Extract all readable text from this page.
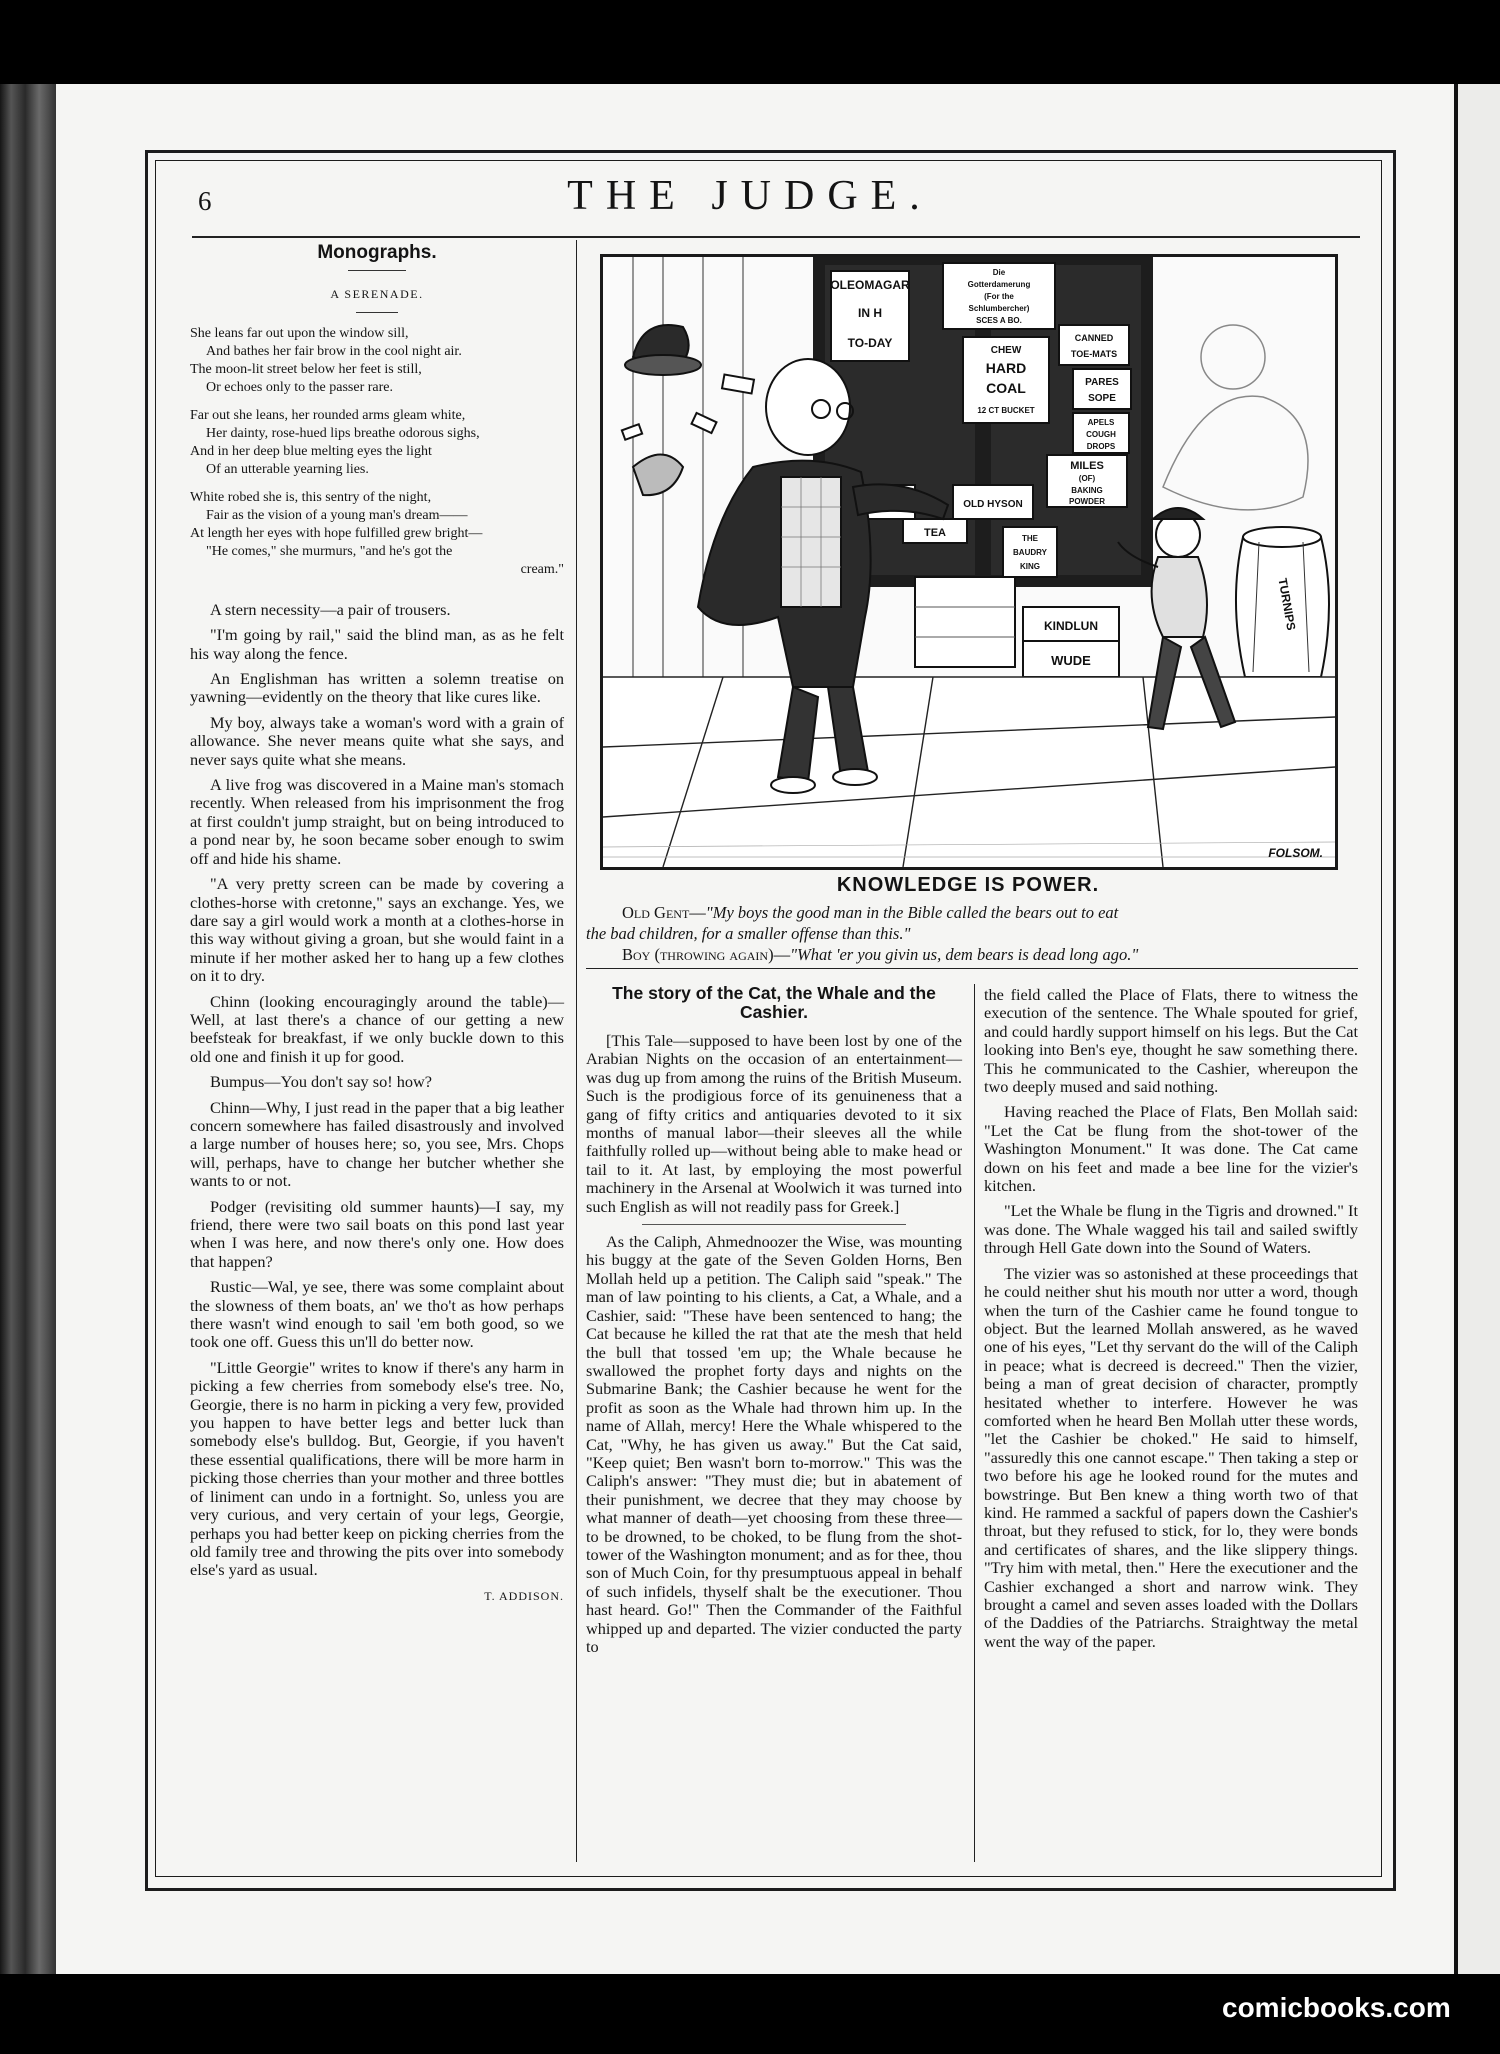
6	THE JUDGE.
Monographs.
A SERENADE.
She leans far out upon the window sill,
And bathes her fair brow in the cool night air.
The moon-lit street below her feet is still,
Or echoes only to the passer rare.
Far out she leans, her rounded arms gleam white,
Her dainty, rose-hued lips breathe odorous sighs,
And in her deep blue melting eyes the light
Of an utterable yearning lies.
White robed she is, this sentry of the night,
Fair as the vision of a young man's dream——
At length her eyes with hope fulfilled grew bright—
"He comes," she murmurs, "and he's got the
cream."

A stern necessity—a pair of trousers.

"I'm going by rail," said the blind man, as as he felt his way along the fence.

An Englishman has written a solemn treatise on yawning—evidently on the theory that like cures like.

My boy, always take a woman's word with a grain of allowance. She never means quite what she says, and never says quite what she means.

A live frog was discovered in a Maine man's stomach recently. When released from his imprisonment the frog at first couldn't jump straight, but on being introduced to a pond near by, he soon became sober enough to swim off and hide his shame.

"A very pretty screen can be made by covering a clothes-horse with cretonne," says an exchange. Yes, we dare say a girl would work a month at a clothes-horse in this way without giving a groan, but she would faint in a minute if her mother asked her to hang up a few clothes on it to dry.

Chinn (looking encouragingly around the table)—Well, at last there's a chance of our getting a new beefsteak for breakfast, if we only buckle down to this old one and finish it up for good.

Bumpus—You don't say so! how?

Chinn—Why, I just read in the paper that a big leather concern somewhere has failed disastrously and involved a large number of houses here; so, you see, Mrs. Chops will, perhaps, have to change her butcher whether she wants to or not.

Podger (revisiting old summer haunts)—I say, my friend, there were two sail boats on this pond last year when I was here, and now there's only one. How does that happen?

Rustic—Wal, ye see, there was some complaint about the slowness of them boats, an' we tho't as how perhaps there wasn't wind enough to sail 'em both good, so we took one off. Guess this un'll do better now.

"Little Georgie" writes to know if there's any harm in picking a few cherries from somebody else's tree. No, Georgie, there is no harm in picking a very few, provided you happen to have better legs and better luck than somebody else's bulldog. But, Georgie, if you haven't these essential qualifications, there will be more harm in picking those cherries than your mother and three bottles of liniment can undo in a fortnight. So, unless you are very curious, and very certain of your legs, Georgie, perhaps you had better keep on picking cherries from the old family tree and throwing the pits over into somebody else's yard as usual.

T. ADDISON.
OLEOMAGAR
IN H
TO-DAY
Die
Gotterdamerung
(For the
Schlumbercher)
SCES A BO.
CHEW
HARD
COAL
12 CT BUCKET
CANNED
TOE-MATS
PARES
SOPE
APELS
COUGH
DROPS
MILES
(OF)
BAKING
POWDER
OLD HYSON
TEA	THE
BAUDRY
KING
KINDLUN
WUDE
TURNIPS
FOLSOM.
KNOWLEDGE IS POWER.
Old Gent—"My boys the good man in the Bible called the bears out to eat
the bad children, for a smaller offense than this."
Boy (throwing again)—"What 'er you givin us, dem bears is dead long ago."
The story of the Cat, the Whale and the Cashier.

[This Tale—supposed to have been lost by one of the Arabian Nights on the occasion of an entertainment—was dug up from among the ruins of the British Museum. Such is the prodigious force of its genuineness that a gang of fifty critics and antiquaries devoted to it six months of manual labor—their sleeves all the while faithfully rolled up—without being able to make head or tail to it. At last, by employing the most powerful machinery in the Arsenal at Woolwich it was turned into such English as will not readily pass for Greek.]

As the Caliph, Ahmednoozer the Wise, was mounting his buggy at the gate of the Seven Golden Horns, Ben Mollah held up a petition. The Caliph said "speak." The man of law pointing to his clients, a Cat, a Whale, and a Cashier, said: "These have been sentenced to hang; the Cat because he killed the rat that ate the mesh that held the bull that tossed 'em up; the Whale because he swallowed the prophet forty days and nights on the Submarine Bank; the Cashier because he went for the profit as soon as the Whale had thrown him up. In the name of Allah, mercy! Here the Whale whispered to the Cat, "Why, he has given us away." But the Cat said, "Keep quiet; Ben wasn't born to-morrow." This was the Caliph's answer: "They must die; but in abatement of their punishment, we decree that they may choose by what manner of death—yet choosing from these three—to be drowned, to be choked, to be flung from the shot-tower of the Washington monument; and as for thee, thou son of Much Coin, for thy presumptuous appeal in behalf of such infidels, thyself shalt be the executioner. Thou hast heard. Go!" Then the Commander of the Faithful whipped up and departed. The vizier conducted the party to

the field called the Place of Flats, there to witness the execution of the sentence. The Whale spouted for grief, and could hardly support himself on his legs. But the Cat looking into Ben's eye, thought he saw something there. This he communicated to the Cashier, whereupon the two deeply mused and said nothing.

Having reached the Place of Flats, Ben Mollah said: "Let the Cat be flung from the shot-tower of the Washington Monument." It was done. The Cat came down on his feet and made a bee line for the vizier's kitchen.

"Let the Whale be flung in the Tigris and drowned." It was done. The Whale wagged his tail and sailed swiftly through Hell Gate down into the Sound of Waters.

The vizier was so astonished at these proceedings that he could neither shut his mouth nor utter a word, though when the turn of the Cashier came he found tongue to object. But the learned Mollah answered, as he waved one of his eyes, "Let thy servant do the will of the Caliph in peace; what is decreed is decreed." Then the vizier, being a man of great decision of character, promptly hesitated whether to interfere. However he was comforted when he heard Ben Mollah utter these words, "let the Cashier be choked." He said to himself, "assuredly this one cannot escape." Then taking a step or two before his age he looked round for the mutes and bowstringe. But Ben knew a thing worth two of that kind. He rammed a sackful of papers down the Cashier's throat, but they refused to stick, for lo, they were bonds and certificates of shares, and the like slippery things. "Try him with metal, then." Here the executioner and the Cashier exchanged a short and narrow wink. They brought a camel and seven asses loaded with the Dollars of the Daddies of the Patriarchs. Straightway the metal went the way of the paper.

comicbooks.com
